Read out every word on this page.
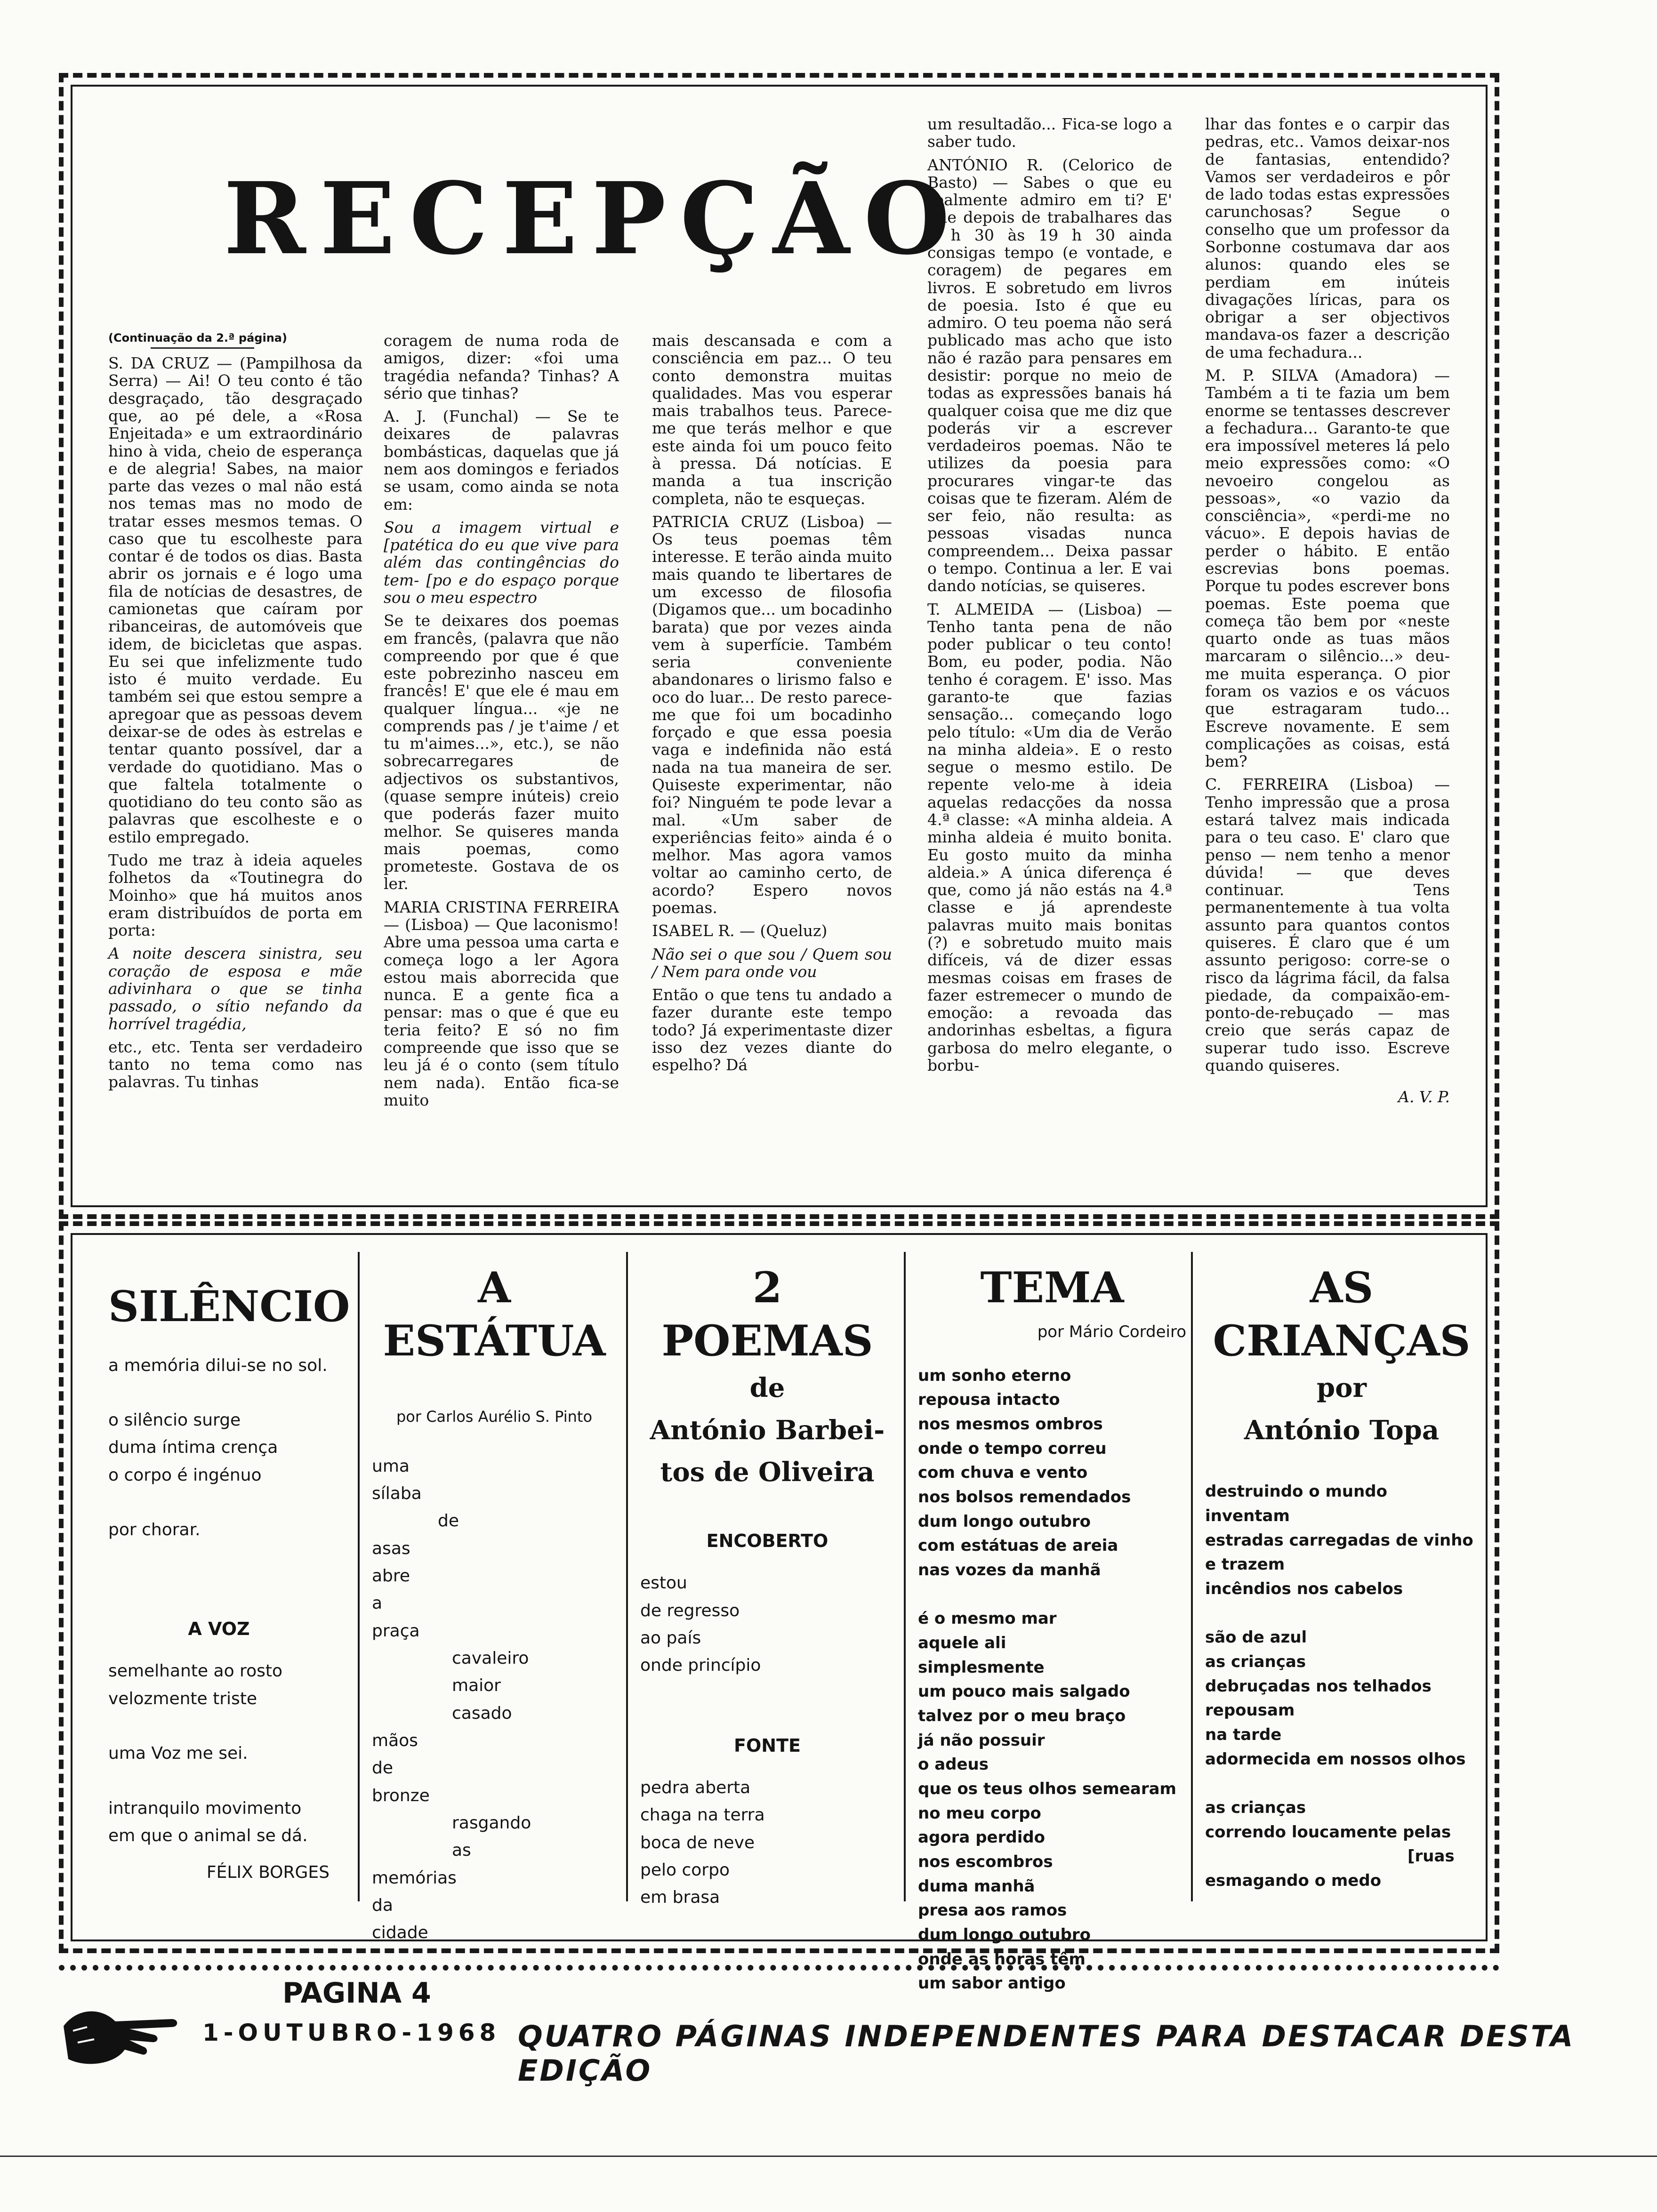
RECEPÇÃO
(Continuação da 2.ª página)

S. DA CRUZ — (Pampilhosa da Serra) — Ai! O teu conto é tão desgraçado, tão desgraçado que, ao pé dele, a «Rosa Enjeitada» e um extraordinário hino à vida, cheio de esperança e de alegria! Sabes, na maior parte das vezes o mal não está nos temas mas no modo de tratar esses mesmos temas. O caso que tu escolheste para contar é de todos os dias. Basta abrir os jornais e é logo uma fila de notícias de desastres, de camionetas que caíram por ribanceiras, de automóveis que idem, de bicicletas que aspas. Eu sei que infelizmente tudo isto é muito verdade. Eu também sei que estou sempre a apregoar que as pessoas devem deixar-se de odes às estrelas e tentar quanto possível, dar a verdade do quotidiano. Mas o que faltela totalmente o quotidiano do teu conto são as palavras que escolheste e o estilo empregado.

Tudo me traz à ideia aqueles folhetos da «Toutinegra do Moinho» que há muitos anos eram distribuídos de porta em porta:

A noite descera sinistra, seu coração de esposa e mãe adivinhara o que se tinha passado, o sítio nefando da horrível tragédia,

etc., etc. Tenta ser verdadeiro tanto no tema como nas palavras. Tu tinhas

coragem de numa roda de amigos, dizer: «foi uma tragédia nefanda? Tinhas? A sério que tinhas?

A. J. (Funchal) — Se te deixares de palavras bombásticas, daquelas que já nem aos domingos e feriados se usam, como ainda se nota em:

Sou a imagem virtual e [patética do eu que vive para além das contingências do tem- [po e do espaço porque sou o meu espectro

Se te deixares dos poemas em francês, (palavra que não compreendo por que é que este pobrezinho nasceu em francês! E' que ele é mau em qualquer língua... «je ne comprends pas / je t'aime / et tu m'aimes...», etc.), se não sobrecarregares de adjectivos os substantivos, (quase sempre inúteis) creio que poderás fazer muito melhor. Se quiseres manda mais poemas, como prometeste. Gostava de os ler.

MARIA CRISTINA FERREIRA — (Lisboa) — Que laconismo! Abre uma pessoa uma carta e começa logo a ler Agora estou mais aborrecida que nunca. E a gente fica a pensar: mas o que é que eu teria feito? E só no fim compreende que isso que se leu já é o conto (sem título nem nada). Então fica-se muito

mais descansada e com a consciência em paz... O teu conto demonstra muitas qualidades. Mas vou esperar mais trabalhos teus. Parece-me que terás melhor e que este ainda foi um pouco feito à pressa. Dá notícias. E manda a tua inscrição completa, não te esqueças.

PATRICIA CRUZ (Lisboa) — Os teus poemas têm interesse. E terão ainda muito mais quando te libertares de um excesso de filosofia (Digamos que... um bocadinho barata) que por vezes ainda vem à superfície. Também seria conveniente abandonares o lirismo falso e oco do luar... De resto parece-me que foi um bocadinho forçado e que essa poesia vaga e indefinida não está nada na tua maneira de ser. Quiseste experimentar, não foi? Ninguém te pode levar a mal. «Um saber de experiências feito» ainda é o melhor. Mas agora vamos voltar ao caminho certo, de acordo? Espero novos poemas.

ISABEL R. — (Queluz)

Não sei o que sou / Quem sou / Nem para onde vou

Então o que tens tu andado a fazer durante este tempo todo? Já experimentaste dizer isso dez vezes diante do espelho? Dá

um resultadão... Fica-se logo a saber tudo.

ANTÓNIO R. (Celorico de Basto) — Sabes o que eu realmente admiro em ti? E' que depois de trabalhares das 9 h 30 às 19 h 30 ainda consigas tempo (e vontade, e coragem) de pegares em livros. E sobretudo em livros de poesia. Isto é que eu admiro. O teu poema não será publicado mas acho que isto não é razão para pensares em desistir: porque no meio de todas as expressões banais há qualquer coisa que me diz que poderás vir a escrever verdadeiros poemas. Não te utilizes da poesia para procurares vingar-te das coisas que te fizeram. Além de ser feio, não resulta: as pessoas visadas nunca compreendem... Deixa passar o tempo. Continua a ler. E vai dando notícias, se quiseres.

T. ALMEIDA — (Lisboa) — Tenho tanta pena de não poder publicar o teu conto! Bom, eu poder, podia. Não tenho é coragem. E' isso. Mas garanto-te que fazias sensação... começando logo pelo título: «Um dia de Verão na minha aldeia». E o resto segue o mesmo estilo. De repente velo-me à ideia aquelas redacções da nossa 4.ª classe: «A minha aldeia. A minha aldeia é muito bonita. Eu gosto muito da minha aldeia.» A única diferença é que, como já não estás na 4.ª classe e já aprendeste palavras muito mais bonitas (?) e sobretudo muito mais difíceis, vá de dizer essas mesmas coisas em frases de fazer estremecer o mundo de emoção: a revoada das andorinhas esbeltas, a figura garbosa do melro elegante, o borbu-

lhar das fontes e o carpir das pedras, etc.. Vamos deixar-nos de fantasias, entendido? Vamos ser verdadeiros e pôr de lado todas estas expressões carunchosas? Segue o conselho que um professor da Sorbonne costumava dar aos alunos: quando eles se perdiam em inúteis divagações líricas, para os obrigar a ser objectivos mandava-os fazer a descrição de uma fechadura...

M. P. SILVA (Amadora) — Também a ti te fazia um bem enorme se tentasses descrever a fechadura... Garanto-te que era impossível meteres lá pelo meio expressões como: «O nevoeiro congelou as pessoas», «o vazio da consciência», «perdi-me no vácuo». E depois havias de perder o hábito. E então escrevias bons poemas. Porque tu podes escrever bons poemas. Este poema que começa tão bem por «neste quarto onde as tuas mãos marcaram o silêncio...» deu-me muita esperança. O pior foram os vazios e os vácuos que estragaram tudo... Escreve novamente. E sem complicações as coisas, está bem?

C. FERREIRA (Lisboa) — Tenho impressão que a prosa estará talvez mais indicada para o teu caso. E' claro que penso — nem tenho a menor dúvida! — que deves continuar. Tens permanentemente à tua volta assunto para quantos contos quiseres. É claro que é um assunto perigoso: corre-se o risco da lágrima fácil, da falsa piedade, da compaixão-em-ponto-de-rebuçado — mas creio que serás capaz de superar tudo isso. Escreve quando quiseres.

A. V. P.

SILÊNCIO

a memória dilui-se no sol.

o silêncio surge
duma íntima crença
o corpo é ingénuo

por chorar.
A VOZ
semelhante ao rosto
velozmente triste

uma Voz me sei.

intranquilo movimento
em que o animal se dá.
FÉLIX BORGES

A

ESTÁTUA

por Carlos Aurélio S. Pinto
uma
sílaba
de
asas
abre
a
praça
cavaleiro
maior
casado
mãos
de
bronze
rasgando
as
memórias
da
cidade

2

POEMAS

de

António Barbei-

tos de Oliveira

ENCOBERTO
estou
de regresso
ao país
onde princípio
FONTE
pedra aberta
chaga na terra
boca de neve
pelo corpo
em brasa

TEMA

por Mário Cordeiro
um sonho eterno
repousa intacto
nos mesmos ombros
onde o tempo correu
com chuva e vento
nos bolsos remendados
dum longo outubro
com estátuas de areia
nas vozes da manhã

é o mesmo mar
aquele ali
simplesmente
um pouco mais salgado
talvez por o meu braço
já não possuir
o adeus
que os teus olhos semearam
no meu corpo
agora perdido
nos escombros
duma manhã
presa aos ramos
dum longo outubro
onde as horas têm
um sabor antigo

AS

CRIANÇAS

por

António Topa

destruindo o mundo
inventam
estradas carregadas de vinho
e trazem
incêndios nos cabelos

são de azul
as crianças
debruçadas nos telhados
repousam
na tarde
adormecida em nossos olhos

as crianças
correndo loucamente pelas
[ruas
esmagando o medo
PAGINA 4
1-OUTUBRO-1968 QUATRO PÁGINAS INDEPENDENTES PARA DESTACAR DESTA EDIÇÃO
